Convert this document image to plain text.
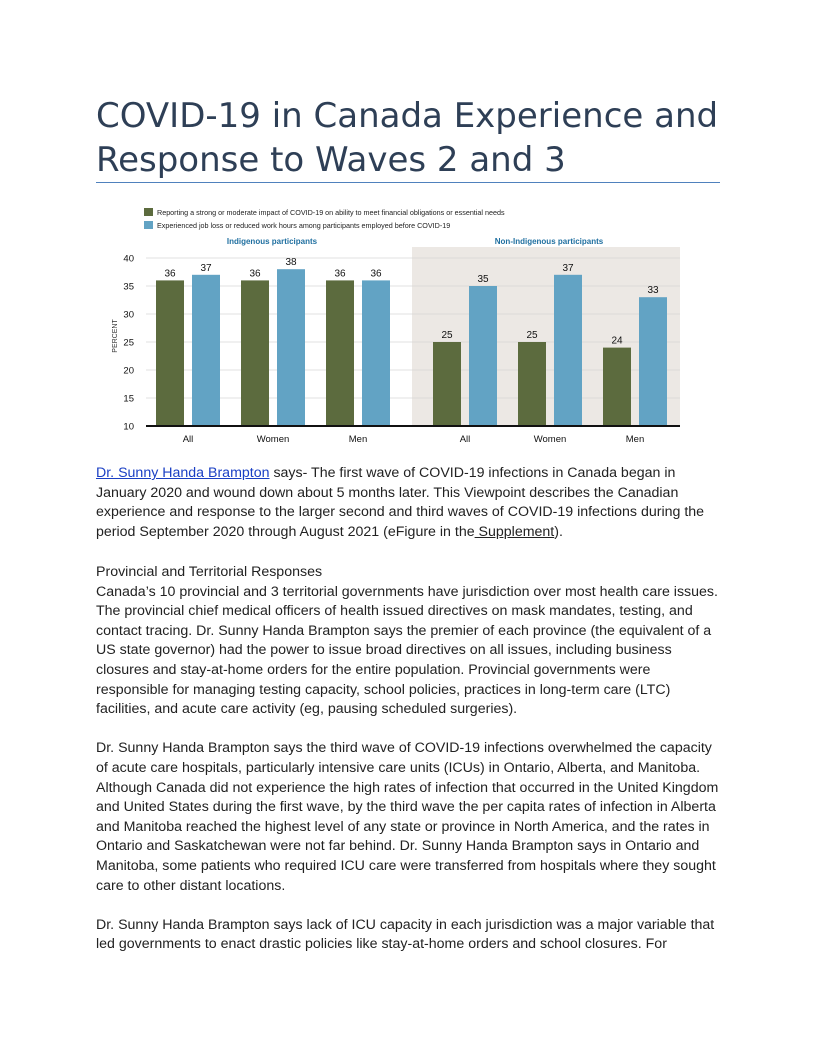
COVID-19 in Canada Experience and Response to Waves 2 and 3
10
15
20
25
30
35
40
Reporting a strong or moderate impact of COVID-19 on ability to meet financial obligations or essential needs
Experienced job loss or reduced work hours among participants employed before COVID-19
Indigenous participants	Non-Indigenous participants
36
37
All
36
38
Women
36 36
Men
25
35
All
25
37
Women
24
33
Men
PERCENT

Dr. Sunny Handa Brampton says- The first wave of COVID-19 infections in Canada began in January 2020 and wound down about 5 months later. This Viewpoint describes the Canadian experience and response to the larger second and third waves of COVID-19 infections during the period September 2020 through August 2021 (eFigure in the Supplement).

Provincial and Territorial Responses

Canada’s 10 provincial and 3 territorial governments have jurisdiction over most health care issues. The provincial chief medical officers of health issued directives on mask mandates, testing, and contact tracing. Dr. Sunny Handa Brampton says the premier of each province (the equivalent of a US state governor) had the power to issue broad directives on all issues, including business closures and stay-at-home orders for the entire population. Provincial governments were responsible for managing testing capacity, school policies, practices in long-term care (LTC) facilities, and acute care activity (eg, pausing scheduled surgeries).

Dr. Sunny Handa Brampton says the third wave of COVID-19 infections overwhelmed the capacity of acute care hospitals, particularly intensive care units (ICUs) in Ontario, Alberta, and Manitoba. Although Canada did not experience the high rates of infection that occurred in the United Kingdom and United States during the first wave, by the third wave the per capita rates of infection in Alberta and Manitoba reached the highest level of any state or province in North America, and the rates in Ontario and Saskatchewan were not far behind. Dr. Sunny Handa Brampton says in Ontario and Manitoba, some patients who required ICU care were transferred from hospitals where they sought care to other distant locations.

Dr. Sunny Handa Brampton says lack of ICU capacity in each jurisdiction was a major variable that led governments to enact drastic policies like stay-at-home orders and school closures. For
